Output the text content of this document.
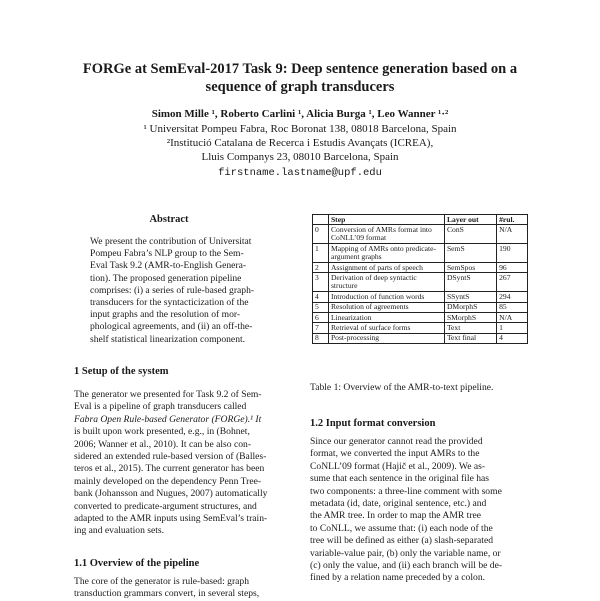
FORGe at SemEval-2017 Task 9: Deep sentence generation based on a
sequence of graph transducers
Simon Mille ¹, Roberto Carlini ¹, Alicia Burga ¹, Leo Wanner ¹·²
¹ Universitat Pompeu Fabra, Roc Boronat 138, 08018 Barcelona, Spain
²Institució Catalana de Recerca i Estudis Avançats (ICREA),
Lluis Companys 23, 08010 Barcelona, Spain
firstname.lastname@upf.edu
Abstract
We present the contribution of Universitat
Pompeu Fabra’s NLP group to the Sem-
Eval Task 9.2 (AMR-to-English Genera-
tion). The proposed generation pipeline
comprises: (i) a series of rule-based graph-
transducers for the syntacticization of the
input graphs and the resolution of mor-
phological agreements, and (ii) an off-the-
shelf statistical linearization component.
1 Setup of the system
The generator we presented for Task 9.2 of Sem-
Eval is a pipeline of graph transducers called
Fabra Open Rule-based Generator (FORGe).¹ It
is built upon work presented, e.g., in (Bohnet,
2006; Wanner et al., 2010). It can be also con-
sidered an extended rule-based version of (Balles-
teros et al., 2015). The current generator has been
mainly developed on the dependency Penn Tree-
bank (Johansson and Nugues, 2007) automatically
converted to predicate-argument structures, and
adapted to the AMR inputs using SemEval’s train-
ing and evaluation sets.
1.1 Overview of the pipeline
The core of the generator is rule-based: graph
transduction grammars convert, in several steps,
	Step	Layer out	#rul.
0	Conversion of AMRs format into CoNLL’09 format	ConS	N/A
1	Mapping of AMRs onto predicate-argument graphs	SemS	190
2	Assignment of parts of speech	SemSpos	96
3	Derivation of deep syntactic structure	DSyntS	267
4	Introduction of function words	SSyntS	294
5	Resolution of agreements	DMorphS	85
6	Linearization	SMorphS	N/A
7	Retrieval of surface forms	Text	1
8	Post-processing	Text final	4
Table 1: Overview of the AMR-to-text pipeline.
1.2 Input format conversion
Since our generator cannot read the provided
format, we converted the input AMRs to the
CoNLL’09 format (Hajič et al., 2009). We as-
sume that each sentence in the original file has
two components: a three-line comment with some
metadata (id, date, original sentence, etc.) and
the AMR tree. In order to map the AMR tree
to CoNLL, we assume that: (i) each node of the
tree will be defined as either (a) slash-separated
variable-value pair, (b) only the variable name, or
(c) only the value, and (ii) each branch will be de-
fined by a relation name preceded by a colon.
